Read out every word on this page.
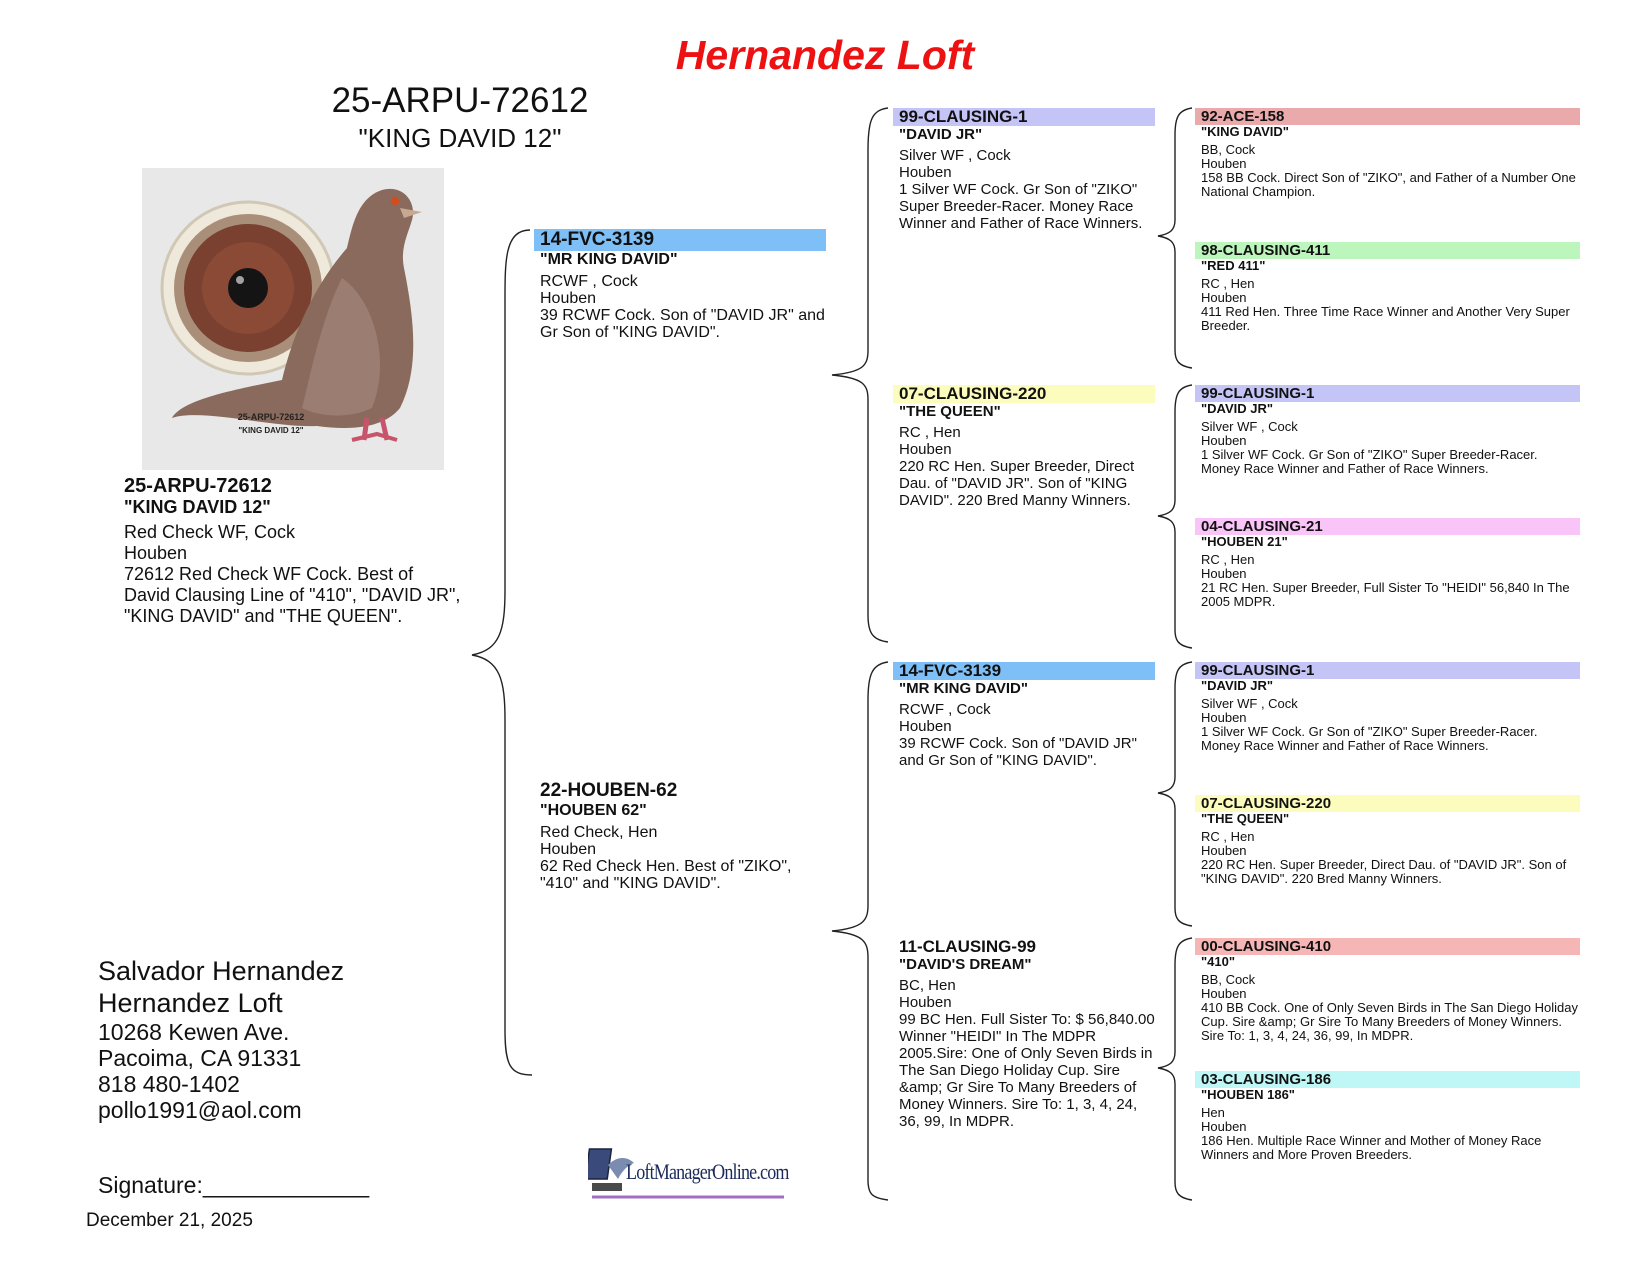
Hernandez Loft
25-ARPU-72612
"KING DAVID 12"
25-ARPU-72612
"KING DAVID 12"
25-ARPU-72612
"KING DAVID 12"
Red Check WF, Cock
Houben
72612 Red Check WF Cock. Best of David Clausing Line of "410", "DAVID JR", "KING DAVID" and "THE QUEEN".
14-FVC-3139
"MR KING DAVID"
RCWF , Cock
Houben
39 RCWF Cock. Son of "DAVID JR" and Gr Son of "KING DAVID".
22-HOUBEN-62
"HOUBEN 62"
Red Check, Hen
Houben
62 Red Check Hen. Best of "ZIKO", "410" and "KING DAVID".
99-CLAUSING-1
"DAVID JR"
Silver WF , Cock
Houben
1 Silver WF Cock. Gr Son of "ZIKO" Super Breeder-Racer. Money Race Winner and Father of Race Winners.
07-CLAUSING-220
"THE QUEEN"
RC , Hen
Houben
220 RC Hen. Super Breeder, Direct Dau. of "DAVID JR". Son of "KING DAVID". 220 Bred Manny Winners.
14-FVC-3139
"MR KING DAVID"
RCWF , Cock
Houben
39 RCWF Cock. Son of "DAVID JR" and Gr Son of "KING DAVID".
11-CLAUSING-99
"DAVID'S DREAM"
BC, Hen
Houben
99 BC Hen. Full Sister To: $ 56,840.00 Winner "HEIDI" In The MDPR 2005.Sire: One of Only Seven Birds in The San Diego Holiday Cup. Sire &amp; Gr Sire To Many Breeders of Money Winners. Sire To: 1, 3, 4, 24, 36, 99, In MDPR.
92-ACE-158
"KING DAVID"
BB, Cock
Houben
158 BB Cock. Direct Son of "ZIKO", and Father of a Number One National Champion.
98-CLAUSING-411
"RED 411"
RC , Hen
Houben
411 Red Hen. Three Time Race Winner and Another Very Super Breeder.
99-CLAUSING-1
"DAVID JR"
Silver WF , Cock
Houben
1 Silver WF Cock. Gr Son of "ZIKO" Super Breeder-Racer. Money Race Winner and Father of Race Winners.
04-CLAUSING-21
"HOUBEN 21"
RC , Hen
Houben
21 RC Hen. Super Breeder, Full Sister To "HEIDI" 56,840 In The 2005 MDPR.
99-CLAUSING-1
"DAVID JR"
Silver WF , Cock
Houben
1 Silver WF Cock. Gr Son of "ZIKO" Super Breeder-Racer. Money Race Winner and Father of Race Winners.
07-CLAUSING-220
"THE QUEEN"
RC , Hen
Houben
220 RC Hen. Super Breeder, Direct Dau. of "DAVID JR". Son of "KING DAVID". 220 Bred Manny Winners.
00-CLAUSING-410
"410"
BB, Cock
Houben
410 BB Cock. One of Only Seven Birds in The San Diego Holiday Cup. Sire &amp; Gr Sire To Many Breeders of Money Winners. Sire To: 1, 3, 4, 24, 36, 99, In MDPR.
03-CLAUSING-186
"HOUBEN 186"
Hen
Houben
186 Hen. Multiple Race Winner and Mother of Money Race Winners and More Proven Breeders.
Salvador Hernandez
Hernandez Loft
10268 Kewen Ave.
Pacoima, CA 91331
818 480-1402
pollo1991@aol.com
Signature:_____________
December 21, 2025
LoftManagerOnline.com
